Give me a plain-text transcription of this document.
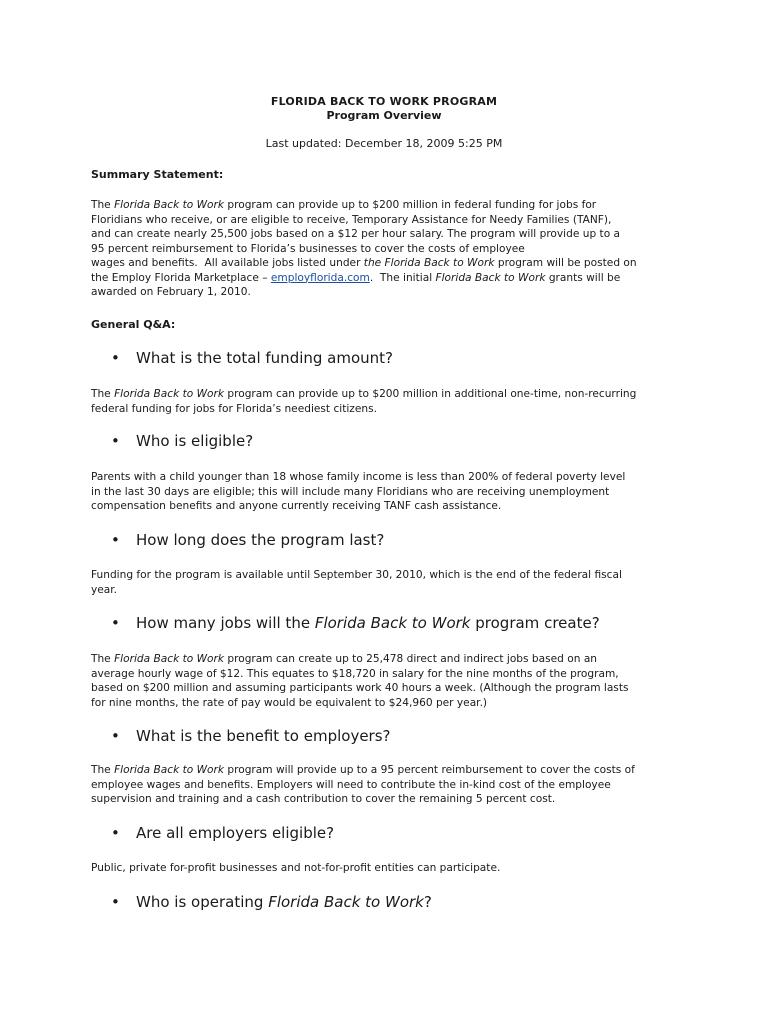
FLORIDA BACK TO WORK PROGRAM
Program Overview
Last updated: December 18, 2009 5:25 PM
Summary Statement:
The Florida Back to Work program can provide up to $200 million in federal funding for jobs for
Floridians who receive, or are eligible to receive, Temporary Assistance for Needy Families (TANF),
and can create nearly 25,500 jobs based on a $12 per hour salary. The program will provide up to a
95 percent reimbursement to Florida’s businesses to cover the costs of employee
wages and benefits.  All available jobs listed under the Florida Back to Work program will be posted on
the Employ Florida Marketplace – employflorida.com.  The initial Florida Back to Work grants will be
awarded on February 1, 2010.
General Q&A:
•	What is the total funding amount?
The Florida Back to Work program can provide up to $200 million in additional one-time, non-recurring
federal funding for jobs for Florida’s neediest citizens.
•	Who is eligible?
Parents with a child younger than 18 whose family income is less than 200% of federal poverty level
in the last 30 days are eligible; this will include many Floridians who are receiving unemployment
compensation benefits and anyone currently receiving TANF cash assistance.
•	How long does the program last?
Funding for the program is available until September 30, 2010, which is the end of the federal fiscal
year.
•	How many jobs will the Florida Back to Work program create?
The Florida Back to Work program can create up to 25,478 direct and indirect jobs based on an
average hourly wage of $12. This equates to $18,720 in salary for the nine months of the program,
based on $200 million and assuming participants work 40 hours a week. (Although the program lasts
for nine months, the rate of pay would be equivalent to $24,960 per year.)
•	What is the benefit to employers?
The Florida Back to Work program will provide up to a 95 percent reimbursement to cover the costs of
employee wages and benefits. Employers will need to contribute the in-kind cost of the employee
supervision and training and a cash contribution to cover the remaining 5 percent cost.
•	Are all employers eligible?
Public, private for-profit businesses and not-for-profit entities can participate.
•	Who is operating Florida Back to Work?
